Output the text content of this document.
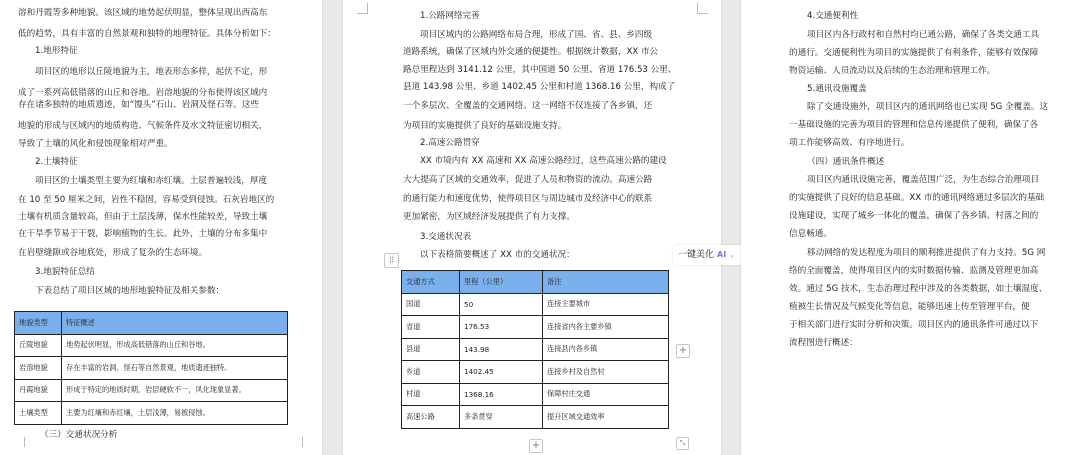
溶和丹霞等多种地貌。该区域的地势起伏明显，整体呈现出西高东
低的趋势，具有丰富的自然景观和独特的地理特征。具体分析如下：
1.地形特征
项目区的地形以丘陵地貌为主，地表形态多样，起伏不定，形
成了一系列高低错落的山丘和谷地。岩溶地貌的分布使得该区域内
存在诸多独特的地质遗迹，如“馒头”石山、岩洞及怪石等。这些
地貌的形成与区域内的地质构造、气候条件及水文特征密切相关，
导致了土壤的风化和侵蚀现象相对严重。
2.土壤特征
项目区的土壤类型主要为红壤和赤红壤。土层普遍较浅，厚度
在 10 至 50 厘米之间，岩性不稳固，容易受到侵蚀。石灰岩地区的
土壤有机质含量较高，但由于土层浅薄，保水性能较差，导致土壤
在干旱季节易于干裂，影响植物的生长。此外，土壤的分布多集中
在岩壁缝隙或谷地底处，形成了复杂的生态环境。
3.地貌特征总结
下表总结了项目区域的地形地貌特征及相关参数：
地貌类型	特征概述
丘陵地貌	地势起伏明显，形成高低错落的山丘和谷地。
岩溶地貌	存在丰富的岩洞、怪石等自然景观，地质遗迹独特。
丹霞地貌	形成于特定的地质时期，岩层硬软不一，风化现象显著。
土壤类型	主要为红壤和赤红壤，土层浅薄，易被侵蚀。
（三）交通状况分析
1.公路网络完善
项目区域内的公路网络布局合理，形成了国、省、县、乡四级
道路系统，确保了区域内外交通的便捷性。根据统计数据，XX 市公
路总里程达到 3141.12 公里，其中国道 50 公里、省道 176.53 公里、
县道 143.98 公里、乡道 1402.45 公里和村道 1368.16 公里，构成了
一个多层次、全覆盖的交通网络。这一网络不仅连接了各乡镇，还
为项目的实施提供了良好的基础设施支持。
2.高速公路贯穿
XX 市境内有 XX 高速和 XX 高速公路经过，这些高速公路的建设
大大提高了区域的交通效率，促进了人员和物资的流动。高速公路
的通行能力和速度优势，使得项目区与周边城市及经济中心的联系
更加紧密，为区域经济发展提供了有力支撑。
3.交通状况表
以下表格简要概述了 XX 市的交通状况：
交通方式	里程（公里）	备注
国道	50	连接主要城市
省道	176.53	连接省内各主要乡镇
县道	143.98	连接县内各乡镇
乡道	1402.45	连接乡村及自然村
村道	1368.16	保障村庄交通
高速公路	多条贯穿	提升区域交通效率
⠿
+
+	⤡
一键美化 AI ⌄
4.交通便利性
项目区内各行政村和自然村均已通公路，确保了各类交通工具
的通行。交通便利性为项目的实施提供了有利条件，能够有效保障
物资运输、人员流动以及后续的生态治理和管理工作。
5.通讯设施覆盖
除了交通设施外，项目区内的通讯网络也已实现 5G 全覆盖。这
一基础设施的完善为项目的管理和信息传递提供了便利，确保了各
项工作能够高效、有序地进行。
（四）通讯条件概述
项目区内通讯设施完善，覆盖范围广泛，为生态综合治理项目
的实施提供了良好的信息基础。XX 市的通讯网络通过多层次的基础
设施建设，实现了城乡一体化的覆盖，确保了各乡镇、村落之间的
信息畅通。
移动网络的发达程度为项目的顺利推进提供了有力支持。5G 网
络的全面覆盖，使得项目区内的实时数据传输、监测及管理更加高
效。通过 5G 技术，生态治理过程中涉及的各类数据，如土壤湿度、
植被生长情况及气候变化等信息，能够迅速上传至管理平台，便
于相关部门进行实时分析和决策。项目区内的通讯条件可通过以下
流程图进行概述：
